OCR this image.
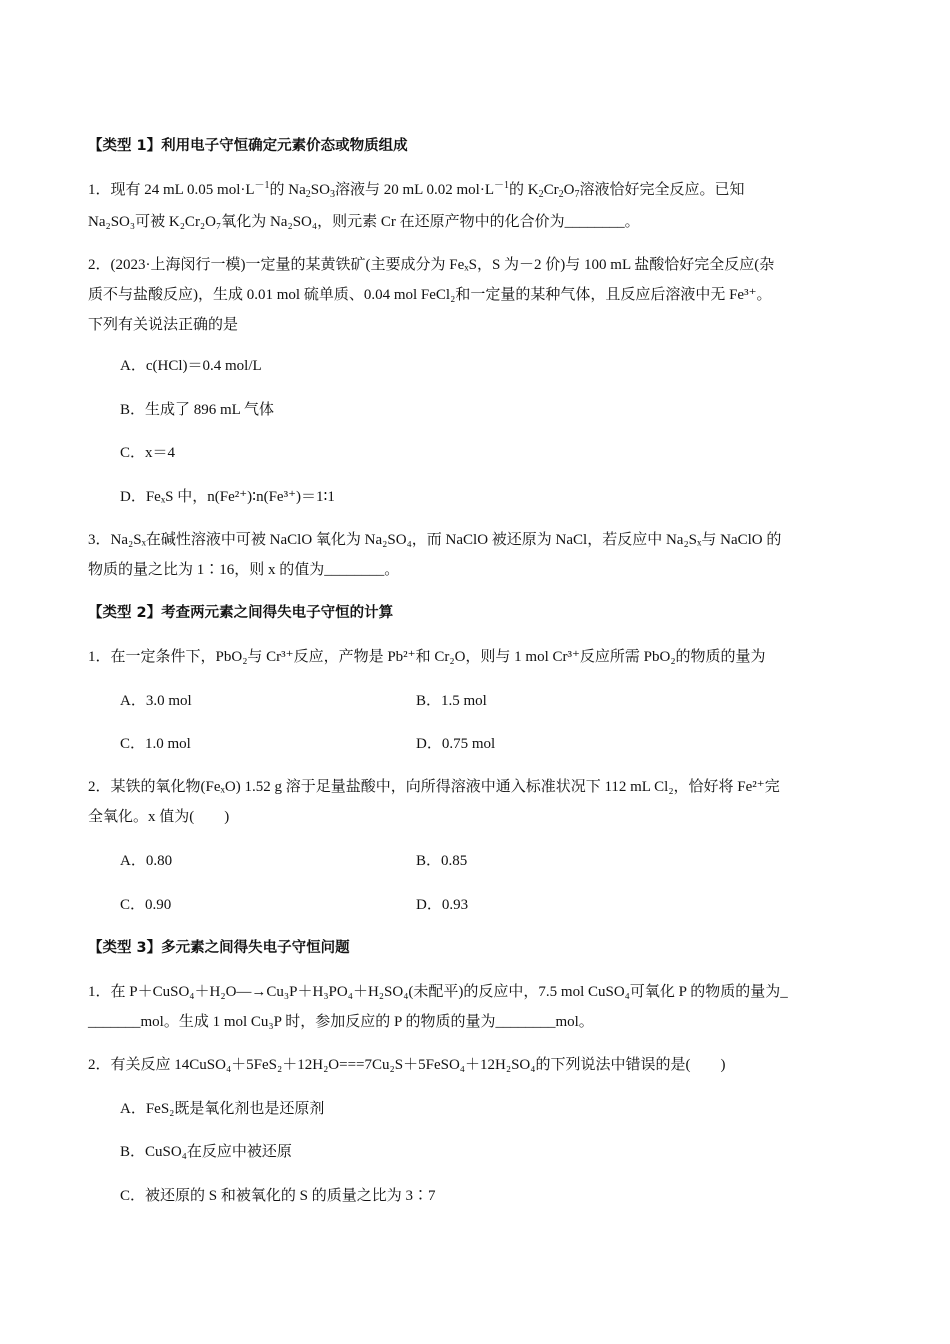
【类型 1】利用电子守恒确定元素价态或物质组成
1．现有 24 mL 0.05 $mol\cdot L^{-1}$的 $Na_2SO_3$溶液与 20 mL 0.02 $mol\cdot L^{-1}$的 $K_2Cr_2O_7$溶液恰好完全反应。已知
Na₂SO₃可被 K₂Cr₂O₇氧化为 Na₂SO₄，则元素 Cr 在还原产物中的化合价为________。
2．(2023·上海闵行一模)一定量的某黄铁矿(主要成分为 FeₓS，S 为－2 价)与 100 mL 盐酸恰好完全反应(杂
质不与盐酸反应)，生成 0.01 mol 硫单质、0.04 mol FeCl₂和一定量的某种气体，且反应后溶液中无 Fe³⁺。
下列有关说法正确的是
A．c(HCl)＝0.4 mol/L
B．生成了 896 mL 气体
C．x＝4
D．FeₓS 中，n(Fe²⁺)∶n(Fe³⁺)＝1∶1
3．Na₂Sₓ在碱性溶液中可被 NaClO 氧化为 Na₂SO₄，而 NaClO 被还原为 NaCl，若反应中 Na₂Sₓ与 NaClO 的
物质的量之比为 1∶16，则 x 的值为________。
【类型 2】考查两元素之间得失电子守恒的计算
1．在一定条件下，PbO₂与 Cr³⁺反应，产物是 Pb²⁺和 Cr₂O，则与 1 mol Cr³⁺反应所需 PbO₂的物质的量为
A．3.0 mol	B．1.5 mol
C．1.0 mol	D．0.75 mol
2．某铁的氧化物(FeₓO) 1.52 g 溶于足量盐酸中，向所得溶液中通入标准状况下 112 mL Cl₂，恰好将 Fe²⁺完
全氧化。x 值为(　　)
A．0.80	B．0.85
C．0.90	D．0.93
【类型 3】多元素之间得失电子守恒问题
1．在 P＋CuSO₄＋H₂O—→Cu₃P＋H₃PO₄＋H₂SO₄(未配平)的反应中，7.5 mol CuSO₄可氧化 P 的物质的量为_
_______mol。生成 1 mol Cu₃P 时，参加反应的 P 的物质的量为________mol。
2．有关反应 14CuSO₄＋5FeS₂＋12H₂O===7Cu₂S＋5FeSO₄＋12H₂SO₄的下列说法中错误的是(　　)
A．FeS₂既是氧化剂也是还原剂
B．CuSO₄在反应中被还原
C．被还原的 S 和被氧化的 S 的质量之比为 3∶7
